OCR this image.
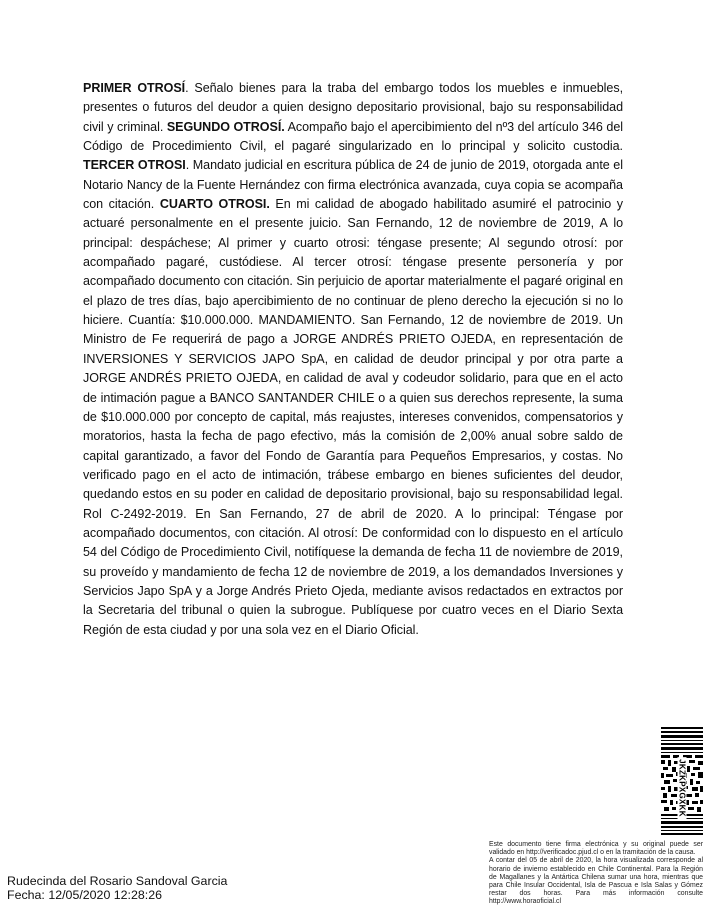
PRIMER OTROSÍ. Señalo bienes para la traba del embargo todos los muebles e inmuebles, presentes o futuros del deudor a quien designo depositario provisional, bajo su responsabilidad civil y criminal. SEGUNDO OTROSÍ. Acompaño bajo el apercibimiento del nº3 del artículo 346 del Código de Procedimiento Civil, el pagaré singularizado en lo principal y solicito custodia. TERCER OTROSI. Mandato judicial en escritura pública de 24 de junio de 2019, otorgada ante el Notario Nancy de la Fuente Hernández con firma electrónica avanzada, cuya copia se acompaña con citación. CUARTO OTROSI. En mi calidad de abogado habilitado asumiré el patrocinio y actuaré personalmente en el presente juicio. San Fernando, 12 de noviembre de 2019, A lo principal: despáchese; Al primer y cuarto otrosi: téngase presente; Al segundo otrosí: por acompañado pagaré, custódiese. Al tercer otrosí: téngase presente personería y por acompañado documento con citación. Sin perjuicio de aportar materialmente el pagaré original en el plazo de tres días, bajo apercibimiento de no continuar de pleno derecho la ejecución si no lo hiciere. Cuantía: $10.000.000. MANDAMIENTO. San Fernando, 12 de noviembre de 2019. Un Ministro de Fe requerirá de pago a JORGE ANDRÉS PRIETO OJEDA, en representación de INVERSIONES Y SERVICIOS JAPO SpA, en calidad de deudor principal y por otra parte a JORGE ANDRÉS PRIETO OJEDA, en calidad de aval y codeudor solidario, para que en el acto de intimación pague a BANCO SANTANDER CHILE o a quien sus derechos represente, la suma de $10.000.000 por concepto de capital, más reajustes, intereses convenidos, compensatorios y moratorios, hasta la fecha de pago efectivo, más la comisión de 2,00% anual sobre saldo de capital garantizado, a favor del Fondo de Garantía para Pequeños Empresarios, y costas. No verificado pago en el acto de intimación, trábese embargo en bienes suficientes del deudor, quedando estos en su poder en calidad de depositario provisional, bajo su responsabilidad legal. Rol C-2492-2019. En San Fernando, 27 de abril de 2020. A lo principal: Téngase por acompañado documentos, con citación. Al otrosí: De conformidad con lo dispuesto en el artículo 54 del Código de Procedimiento Civil, notifíquese la demanda de fecha 11 de noviembre de 2019, su proveído y mandamiento de fecha 12 de noviembre de 2019, a los demandados Inversiones y Servicios Japo SpA y a Jorge Andrés Prieto Ojeda, mediante avisos redactados en extractos por la Secretaria del tribunal o quien la subrogue. Publíquese por cuatro veces en el Diario Sexta Región de esta ciudad y por una sola vez en el Diario Oficial.
JKZKPXGXKK

Este documento tiene firma electrónica y su original puede ser validado en http://verificadoc.pjud.cl o en la tramitación de la causa.

A contar del 05 de abril de 2020, la hora visualizada corresponde al horario de invierno establecido en Chile Continental. Para la Región de Magallanes y la Antártica Chilena sumar una hora, mientras que para Chile Insular Occidental, Isla de Pascua e Isla Salas y Gómez restar dos horas. Para más información consulte http://www.horaoficial.cl

Rudecinda del Rosario Sandoval Garcia
Fecha: 12/05/2020 12:28:26
